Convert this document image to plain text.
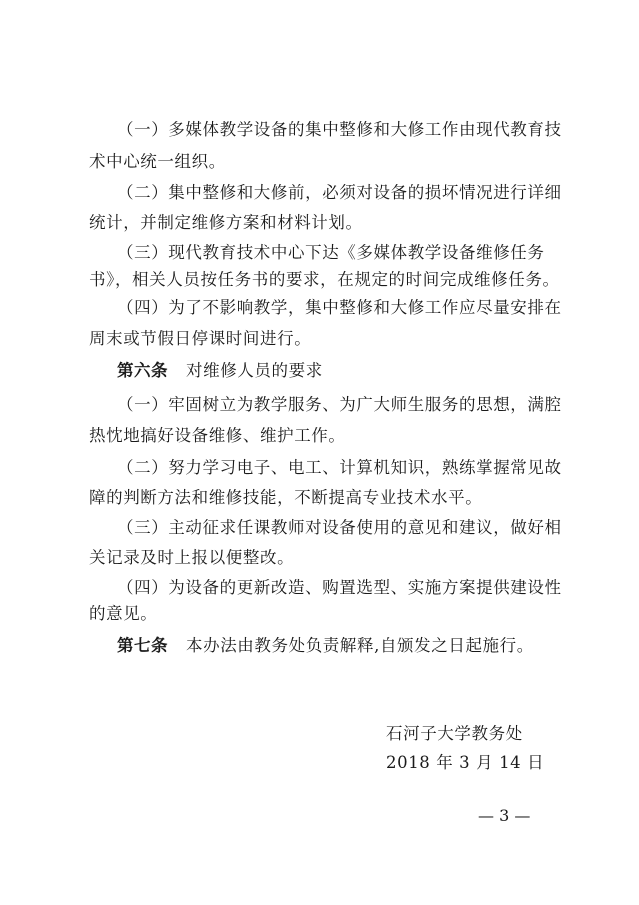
（一）多媒体教学设备的集中整修和大修工作由现代教育技
术中心统一组织。
（二）集中整修和大修前，必须对设备的损坏情况进行详细
统计，并制定维修方案和材料计划。
（三）现代教育技术中心下达《多媒体教学设备维修任务
书》，相关人员按任务书的要求，在规定的时间完成维修任务。
（四）为了不影响教学，集中整修和大修工作应尽量安排在
周末或节假日停课时间进行。
第六条 对维修人员的要求
（一）牢固树立为教学服务、为广大师生服务的思想，满腔
热忱地搞好设备维修、维护工作。
（二）努力学习电子、电工、计算机知识，熟练掌握常见故
障的判断方法和维修技能，不断提高专业技术水平。
（三）主动征求任课教师对设备使用的意见和建议，做好相
关记录及时上报以便整改。
（四）为设备的更新改造、购置选型、实施方案提供建设性
的意见。
第七条 本办法由教务处负责解释,自颁发之日起施行。
石河子大学教务处
2018 年 3 月 14 日
— 3 —
